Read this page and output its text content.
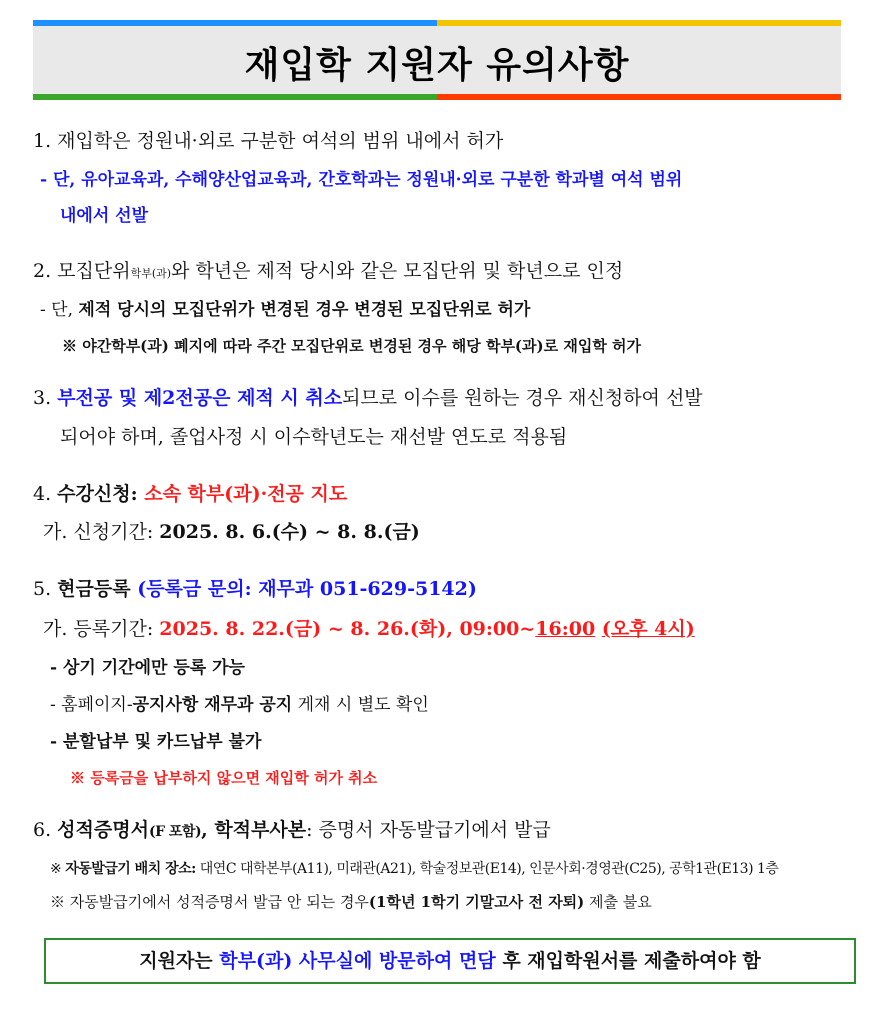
재입학 지원자 유의사항
1. 재입학은 정원내·외로 구분한 여석의 범위 내에서 허가
- 단, 유아교육과, 수해양산업교육과, 간호학과는 정원내·외로 구분한 학과별 여석 범위
내에서 선발
2. 모집단위학부(과)와 학년은 제적 당시와 같은 모집단위 및 학년으로 인정
- 단, 제적 당시의 모집단위가 변경된 경우 변경된 모집단위로 허가
※ 야간학부(과) 폐지에 따라 주간 모집단위로 변경된 경우 해당 학부(과)로 재입학 허가
3. 부전공 및 제2전공은 제적 시 취소되므로 이수를 원하는 경우 재신청하여 선발
되어야 하며, 졸업사정 시 이수학년도는 재선발 연도로 적용됨
4. 수강신청: 소속 학부(과)·전공 지도
가. 신청기간: 2025. 8. 6.(수) ~ 8. 8.(금)
5. 현금등록 (등록금 문의: 재무과 051-629-5142)
가. 등록기간: 2025. 8. 22.(금) ~ 8. 26.(화), 09:00~16:00 (오후 4시)
- 상기 기간에만 등록 가능
- 홈페이지-공지사항 재무과 공지 게재 시 별도 확인
- 분할납부 및 카드납부 불가
※ 등록금을 납부하지 않으면 재입학 허가 취소
6. 성적증명서(F 포함), 학적부사본: 증명서 자동발급기에서 발급
※ 자동발급기 배치 장소: 대연C 대학본부(A11), 미래관(A21), 학술정보관(E14), 인문사회·경영관(C25), 공학1관(E13) 1층
※ 자동발급기에서 성적증명서 발급 안 되는 경우(1학년 1학기 기말고사 전 자퇴) 제출 불요
지원자는 학부(과) 사무실에 방문하여 면담 후 재입학원서를 제출하여야 함
